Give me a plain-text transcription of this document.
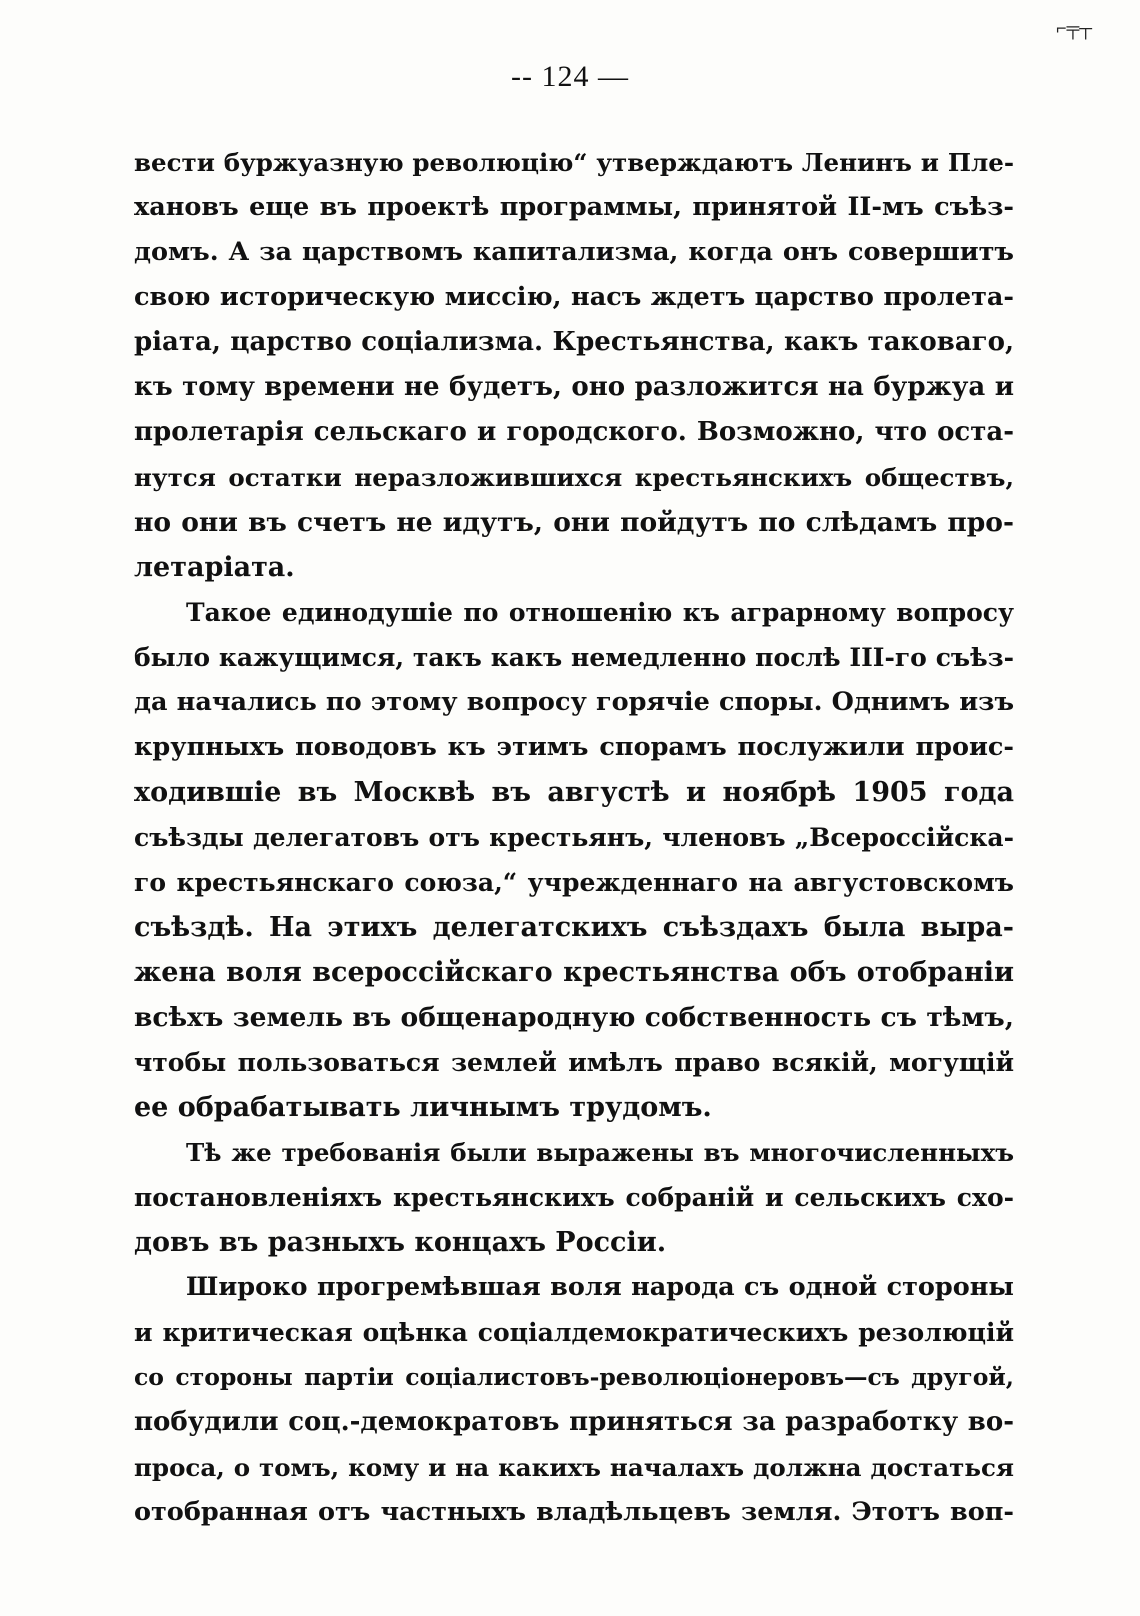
⌐╤┬
-- 124 —
вести буржуазную революцію“ утверждаютъ Ленинъ и Пле-
хановъ еще въ проектѣ программы, принятой II-мъ съѣз-
домъ. А за царствомъ капитализма, когда онъ совершитъ
свою историческую миссію, насъ ждетъ царство пролета-
ріата, царство соціализма. Крестьянства, какъ таковаго,
къ тому времени не будетъ, оно разложится на буржуа и
пролетарія сельскаго и городского. Возможно, что оста-
нутся остатки неразложившихся крестьянскихъ обществъ,
но они въ счетъ не идутъ, они пойдутъ по слѣдамъ про-
летаріата.
Такое единодушіе по отношенію къ аграрному вопросу
было кажущимся, такъ какъ немедленно послѣ III-го съѣз-
да начались по этому вопросу горячіе споры. Однимъ изъ
крупныхъ поводовъ къ этимъ спорамъ послужили проис-
ходившіе въ Москвѣ въ августѣ и ноябрѣ 1905 года
съѣзды делегатовъ отъ крестьянъ, членовъ „Всероссійска-
го крестьянскаго союза,“ учрежденнаго на августовскомъ
съѣздѣ. На этихъ делегатскихъ съѣздахъ была выра-
жена воля всероссійскаго крестьянства объ отобраніи
всѣхъ земель въ общенародную собственность съ тѣмъ,
чтобы пользоваться землей имѣлъ право всякій, могущій
ее обрабатывать личнымъ трудомъ.
Тѣ же требованія были выражены въ многочисленныхъ
постановленіяхъ крестьянскихъ собраній и сельскихъ схо-
довъ въ разныхъ концахъ Россіи.
Широко прогремѣвшая воля народа съ одной стороны
и критическая оцѣнка соціалдемократическихъ резолюцій
со стороны партіи соціалистовъ-революціонеровъ—съ другой,
побудили соц.-демократовъ приняться за разработку во-
проса, о томъ, кому и на какихъ началахъ должна достаться
отобранная отъ частныхъ владѣльцевъ земля. Этотъ воп-
